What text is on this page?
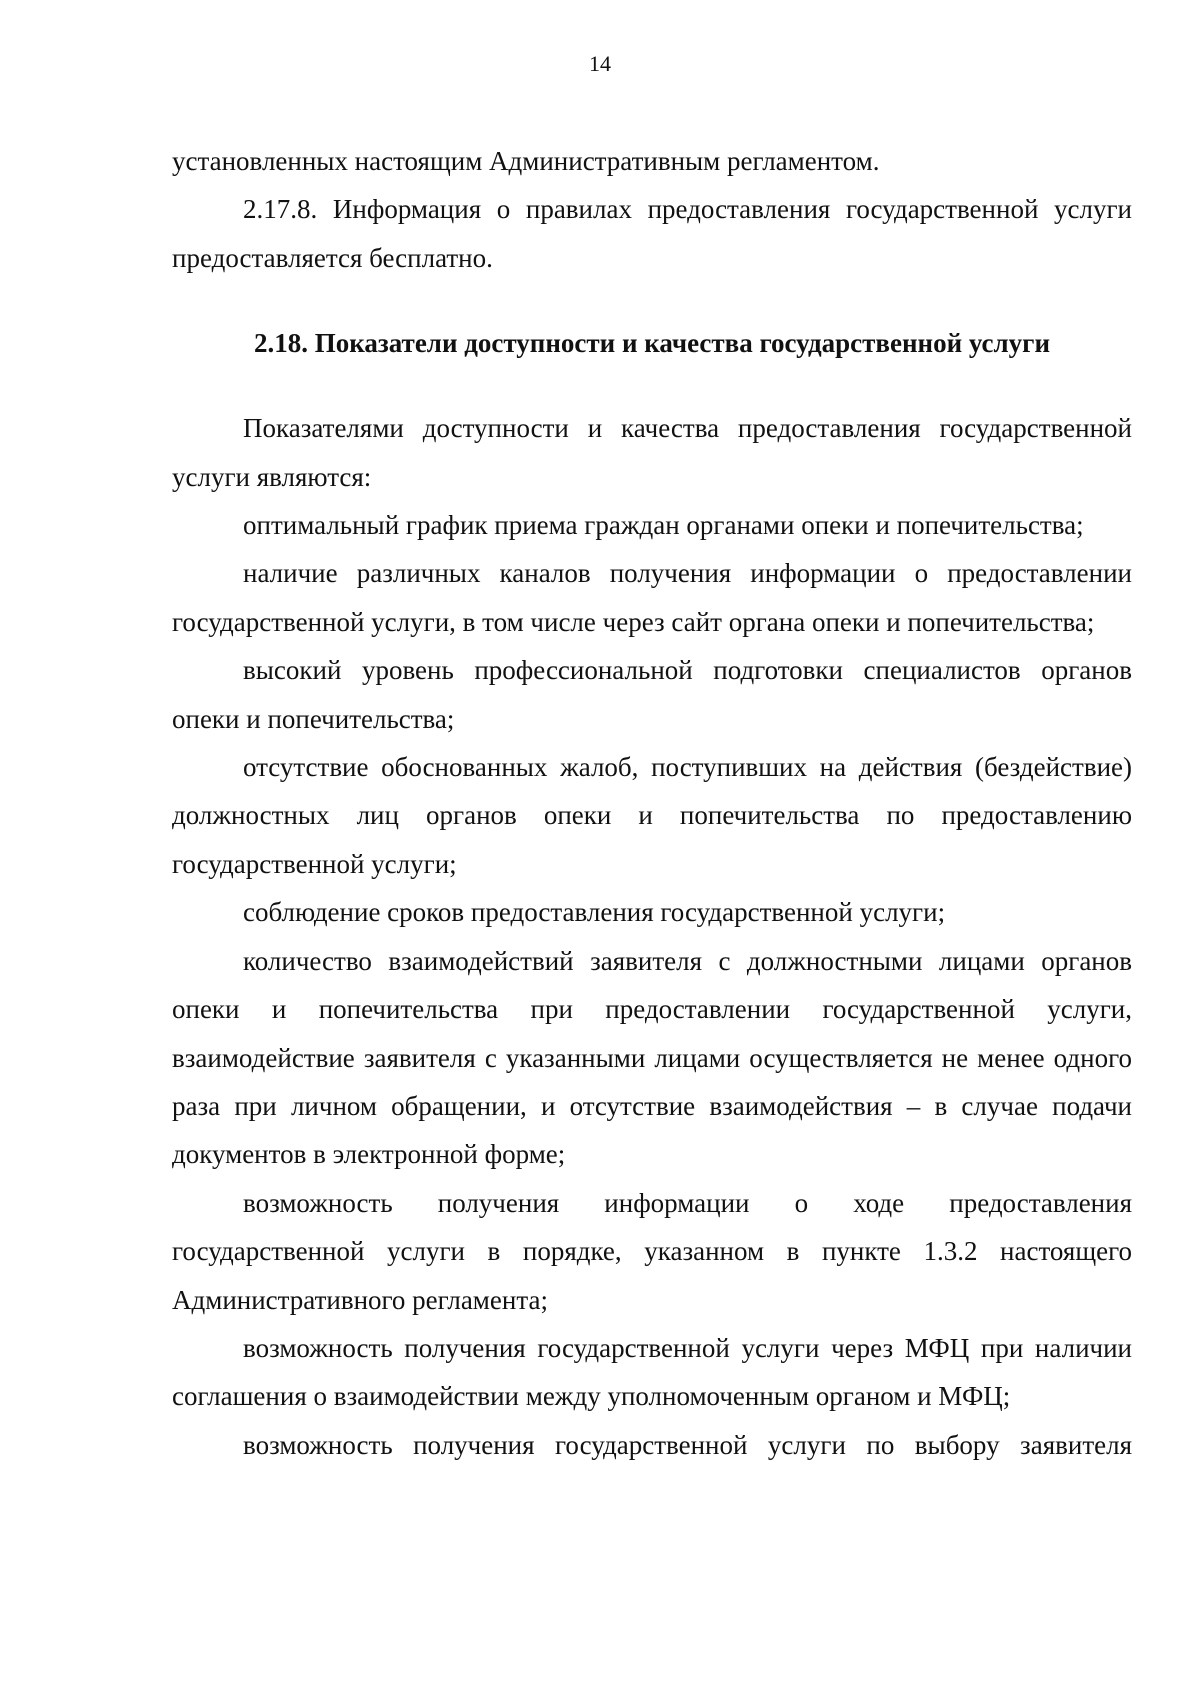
14

установленных настоящим Административным регламентом.

2.17.8. Информация о правилах предоставления государственной услуги предоставляется бесплатно.

2.18. Показатели доступности и качества государственной услуги

Показателями доступности и качества предоставления государственной услуги являются:

оптимальный график приема граждан органами опеки и попечительства;

наличие различных каналов получения информации о предоставлении государственной услуги, в том числе через сайт органа опеки и попечительства;

высокий уровень профессиональной подготовки специалистов органов опеки и попечительства;

отсутствие обоснованных жалоб, поступивших на действия (бездействие) должностных лиц органов опеки и попечительства по предоставлению государственной услуги;

соблюдение сроков предоставления государственной услуги;

количество взаимодействий заявителя с должностными лицами органов опеки и попечительства при предоставлении государственной услуги, взаимодействие заявителя с указанными лицами осуществляется не менее одного раза при личном обращении, и отсутствие взаимодействия – в случае подачи документов в электронной форме;

возможность получения информации о ходе предоставления государственной услуги в порядке, указанном в пункте 1.3.2 настоящего Административного регламента;

возможность получения государственной услуги через МФЦ при наличии соглашения о взаимодействии между уполномоченным органом и МФЦ;

возможность получения государственной услуги по выбору заявителя
